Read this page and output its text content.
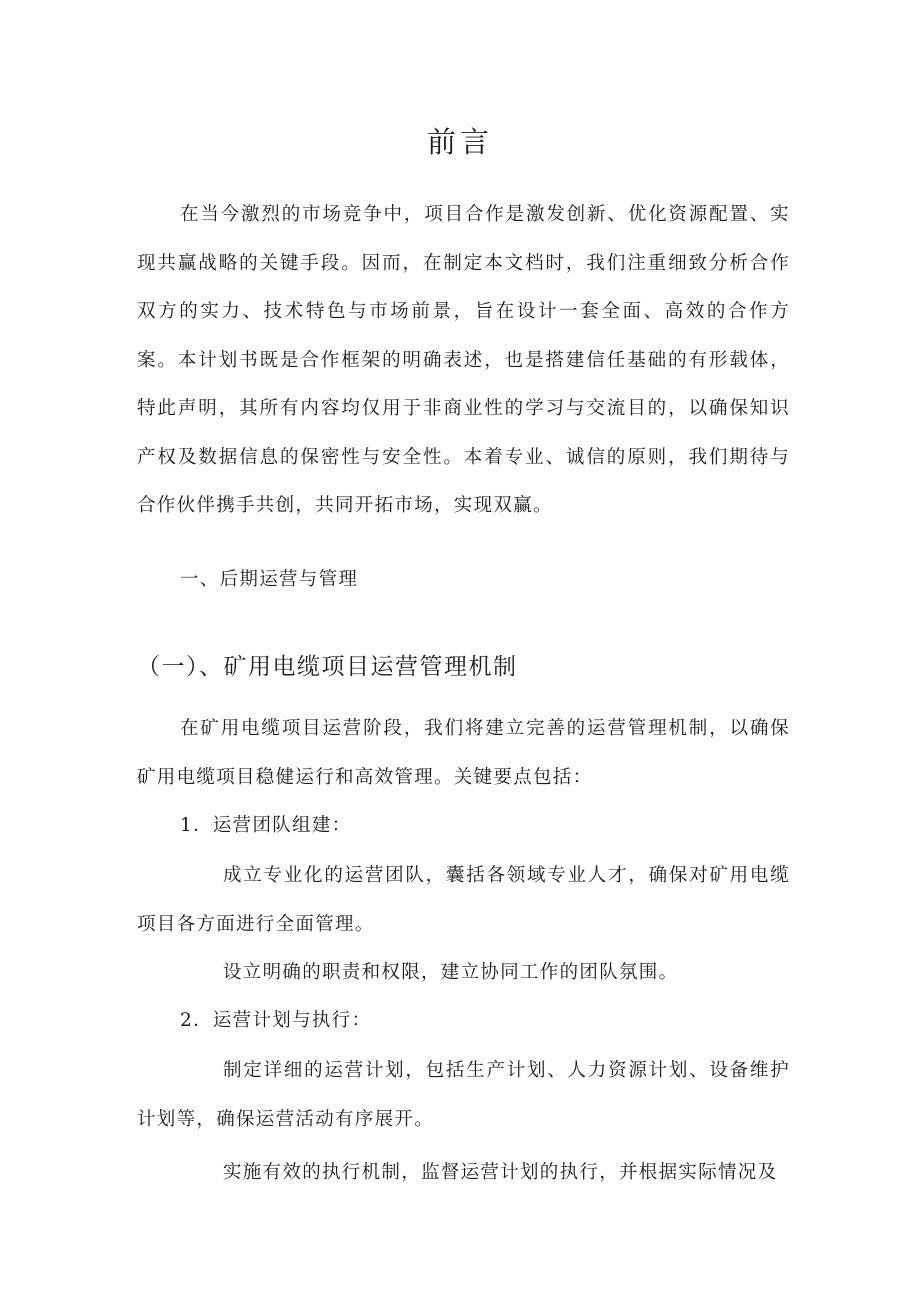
前言

在当今激烈的市场竞争中，项目合作是激发创新、优化资源配置、实现共赢战略的关键手段。因而，在制定本文档时，我们注重细致分析合作双方的实力、技术特色与市场前景，旨在设计一套全面、高效的合作方案。本计划书既是合作框架的明确表述，也是搭建信任基础的有形载体，特此声明，其所有内容均仅用于非商业性的学习与交流目的，以确保知识产权及数据信息的保密性与安全性。本着专业、诚信的原则，我们期待与合作伙伴携手共创，共同开拓市场，实现双赢。

一、后期运营与管理
（一）、矿用电缆项目运营管理机制

在矿用电缆项目运营阶段，我们将建立完善的运营管理机制，以确保矿用电缆项目稳健运行和高效管理。关键要点包括：

1．运营团队组建：

成立专业化的运营团队，囊括各领域专业人才，确保对矿用电缆项目各方面进行全面管理。

设立明确的职责和权限，建立协同工作的团队氛围。

2．运营计划与执行：

制定详细的运营计划，包括生产计划、人力资源计划、设备维护计划等，确保运营活动有序展开。

实施有效的执行机制，监督运营计划的执行，并根据实际情况及
